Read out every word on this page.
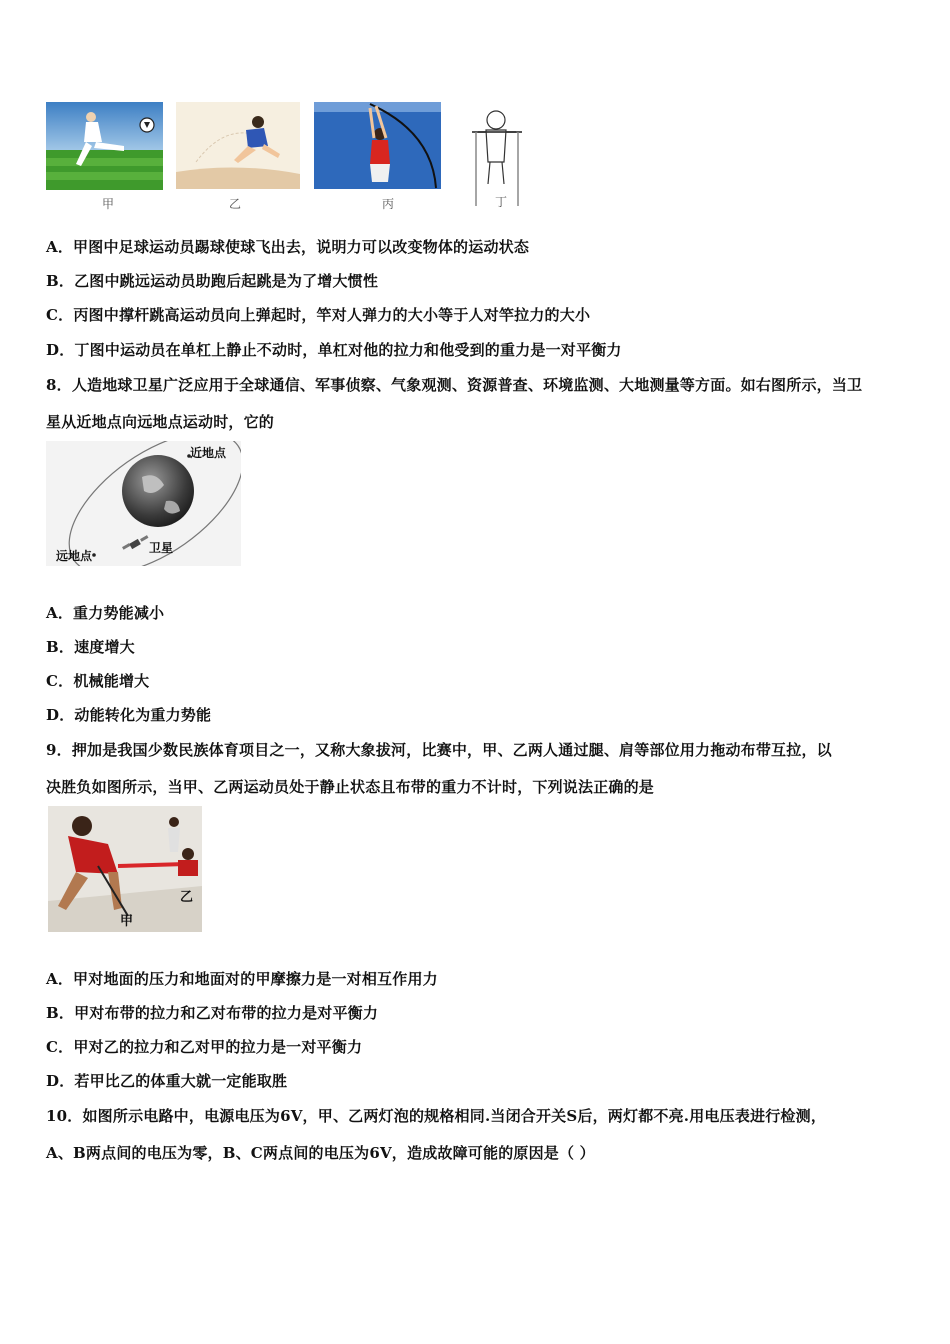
甲	乙	丙	丁
A．甲图中足球运动员踢球使球飞出去，说明力可以改变物体的运动状态
B．乙图中跳远运动员助跑后起跳是为了增大惯性
C．丙图中撑杆跳高运动员向上弹起时，竿对人弹力的大小等于人对竿拉力的大小
D．丁图中运动员在单杠上静止不动时，单杠对他的拉力和他受到的重力是一对平衡力
8．人造地球卫星广泛应用于全球通信、军事侦察、气象观测、资源普查、环境监测、大地测量等方面。如右图所示，当卫
星从近地点向远地点运动时，它的
近地点
卫星
远地点
A．重力势能减小
B．速度增大
C．机械能增大
D．动能转化为重力势能
9．押加是我国少数民族体育项目之一，又称大象拔河，比赛中，甲、乙两人通过腿、肩等部位用力拖动布带互拉，以
决胜负如图所示，当甲、乙两运动员处于静止状态且布带的重力不计时，下列说法正确的是
甲
乙
A．甲对地面的压力和地面对的甲摩擦力是一对相互作用力
B．甲对布带的拉力和乙对布带的拉力是对平衡力
C．甲对乙的拉力和乙对甲的拉力是一对平衡力
D．若甲比乙的体重大就一定能取胜
10．如图所示电路中，电源电压为6V，甲、乙两灯泡的规格相同.当闭合开关S后，两灯都不亮.用电压表进行检测，
A、B两点间的电压为零，B、C两点间的电压为6V，造成故障可能的原因是（ ）
